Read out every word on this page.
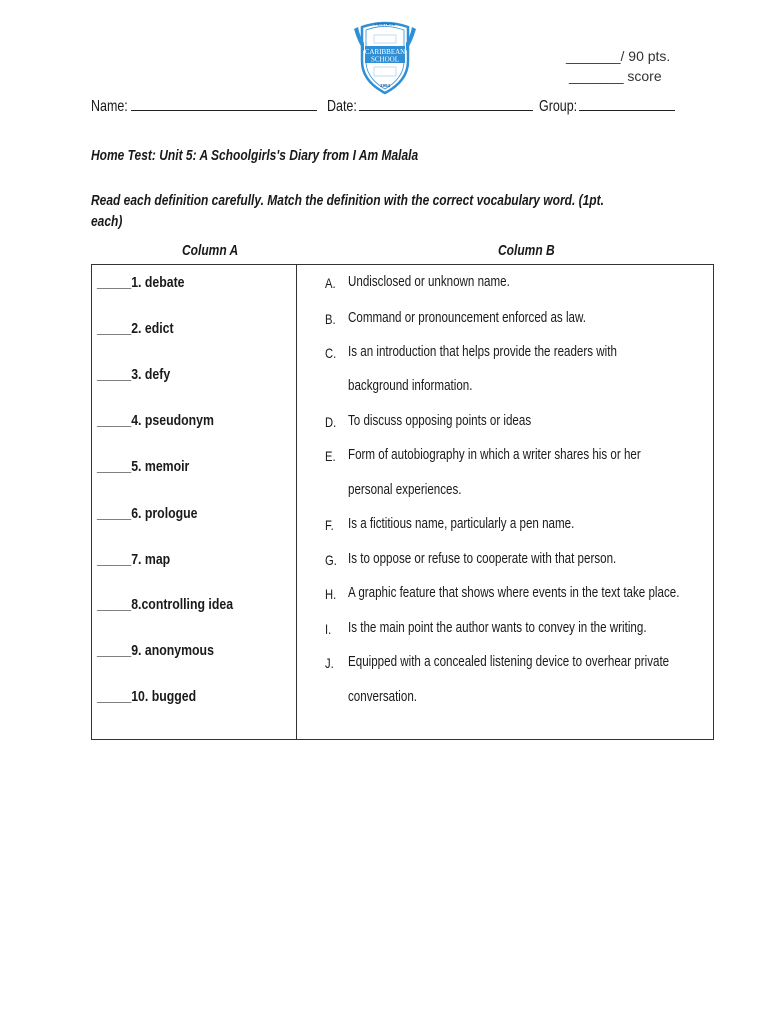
HERITAGE
CARIBBEAN
SCHOOL
1954
_______/ 90 pts.
_______ score
Name:	Date:	Group:
Home Test: Unit 5: A Schoolgirls's Diary from I Am Malala
Read each definition carefully. Match the definition with the correct vocabulary word. (1pt.
each)
Column A	Column B
_____1. debate
_____2. edict
_____3. defy
_____4. pseudonym
_____5. memoir
_____6. prologue
_____7. map
_____8.controlling idea
_____9. anonymous
_____10. bugged
A. Undisclosed or unknown name.
B. Command or pronouncement enforced as law.
C. Is an introduction that helps provide the readers with
background information.
D. To discuss opposing points or ideas
E. Form of autobiography in which a writer shares his or her
personal experiences.
F. Is a fictitious name, particularly a pen name.
G. Is to oppose or refuse to cooperate with that person.
H. A graphic feature that shows where events in the text take place.
I. Is the main point the author wants to convey in the writing.
J. Equipped with a concealed listening device to overhear private
conversation.
